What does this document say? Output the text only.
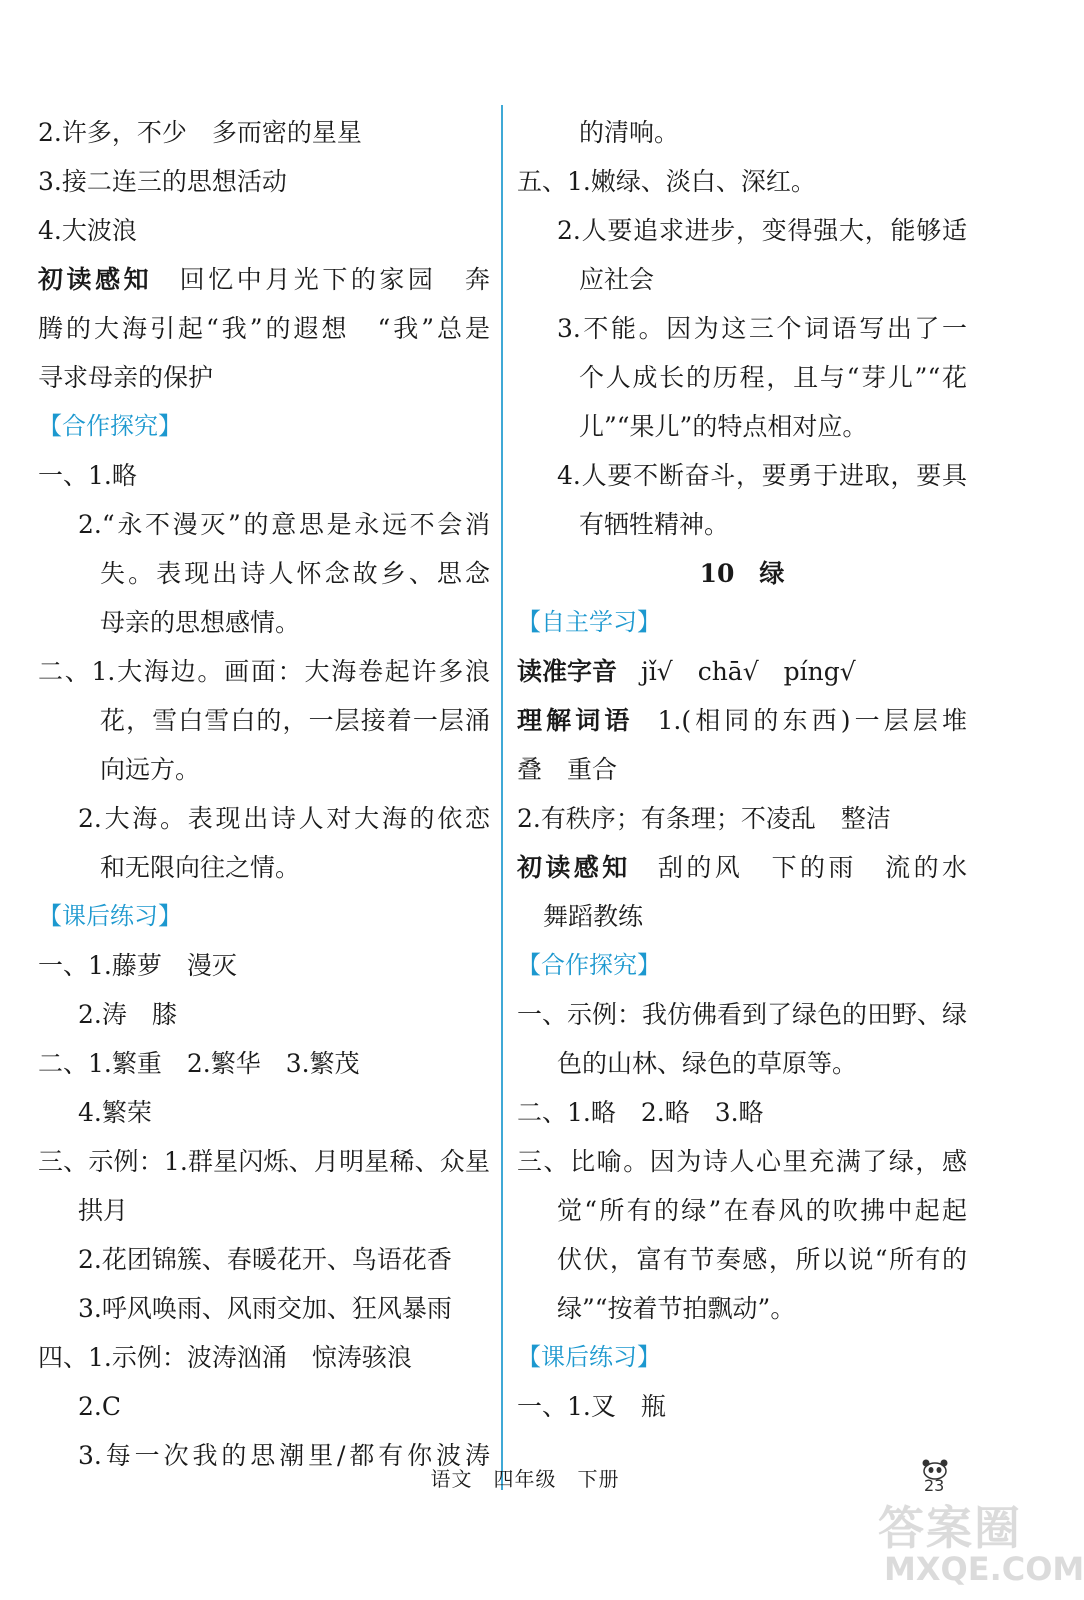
2.许多，不少　多而密的星星
3.接二连三的思想活动
4.大波浪
初读感知 回忆中月光下的家园　奔
腾的大海引起“我”的遐想　“我”总是
寻求母亲的保护
【合作探究】
一、1.略
2.“永不漫灭”的意思是永远不会消
失。表现出诗人怀念故乡、思念
母亲的思想感情。
二、1.大海边。画面：大海卷起许多浪
花，雪白雪白的，一层接着一层涌
向远方。
2.大海。表现出诗人对大海的依恋
和无限向往之情。
【课后练习】
一、1.藤萝　漫灭
2.涛　膝
二、1.繁重　2.繁华　3.繁茂
4.繁荣
三、示例：1.群星闪烁、月明星稀、众星
拱月
2.花团锦簇、春暖花开、鸟语花香
3.呼风唤雨、风雨交加、狂风暴雨
四、1.示例：波涛汹涌　惊涛骇浪
2.C
3.每一次我的思潮里/都有你波涛
的清响。
五、1.嫩绿、淡白、深红。
2.人要追求进步，变得强大，能够适
应社会
3.不能。因为这三个词语写出了一
个人成长的历程，且与“芽儿”“花
儿”“果儿”的特点相对应。
4.人要不断奋斗，要勇于进取，要具
有牺牲精神。
10　绿
【自主学习】
读准字音 jǐ√　chā√　píng√
理解词语 1.(相同的东西)一层层堆
叠　重合
2.有秩序；有条理；不凌乱　整洁
初读感知 刮的风　下的雨　流的水
舞蹈教练
【合作探究】
一、示例：我仿佛看到了绿色的田野、绿
色的山林、绿色的草原等。
二、1.略　2.略　3.略
三、比喻。因为诗人心里充满了绿，感
觉“所有的绿”在春风的吹拂中起起
伏伏，富有节奏感，所以说“所有的
绿”“按着节拍飘动”。
【课后练习】
一、1.叉　瓶
语文　四年级　下册	23
答案圈
MXQE.COM
